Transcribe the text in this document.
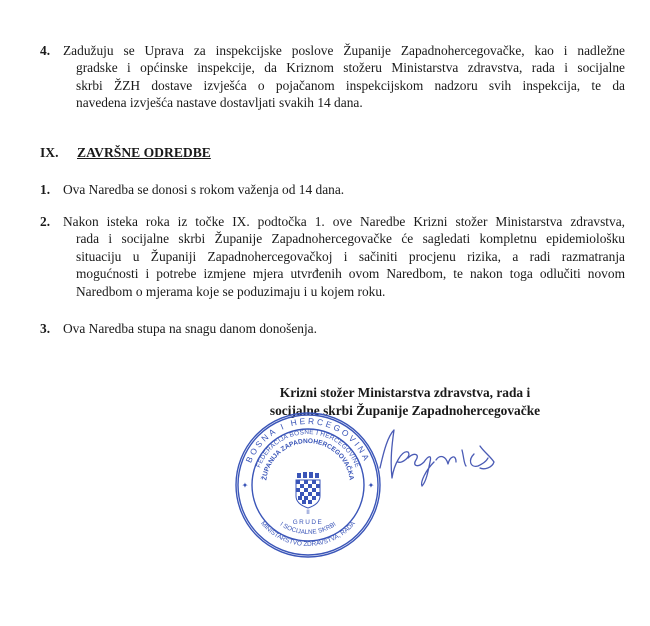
4. Zadužuju se Uprava za inspekcijske poslove Županije Zapadnohercegovačke, kao i nadležne
gradske i općinske inspekcije, da Kriznom stožeru Ministarstva zdravstva, rada i socijalne
skrbi ŽZH dostave izvješća o pojačanom inspekcijskom nadzoru svih inspekcija, te da
navedena izvješća nastave dostavljati svakih 14 dana.
IX. ZAVRŠNE ODREDBE
1. Ova Naredba se donosi s rokom važenja od 14 dana.
2. Nakon isteka roka iz točke IX. podtočka 1. ove Naredbe Krizni stožer Ministarstva zdravstva,
rada i socijalne skrbi Županije Zapadnohercegovačke će sagledati kompletnu epidemiološku
situaciju u Županiji Zapadnohercegovačkoj i sačiniti procjenu rizika, a radi razmatranja
mogućnosti i potrebe izmjene mjera utvrđenih ovom Naredbom, te nakon toga odlučiti novom
Naredbom o mjerama koje se poduzimaju i u kojem roku.
3. Ova Naredba stupa na snagu danom donošenja.
Krizni stožer Ministarstva zdravstva, rada i
socijalne skrbi Županije Zapadnohercegovačke
BOSNA I HERCEGOVINA
FEDERACIJA BOSNE I HERCEGOVINE
ŽUPANIJA ZAPADNOHERCEGOVAČKA
MINISTARSTVO ZDRAVSTVA, RADA
I SOCIJALNE SKRBI
II
GRUDE
✦	✦
